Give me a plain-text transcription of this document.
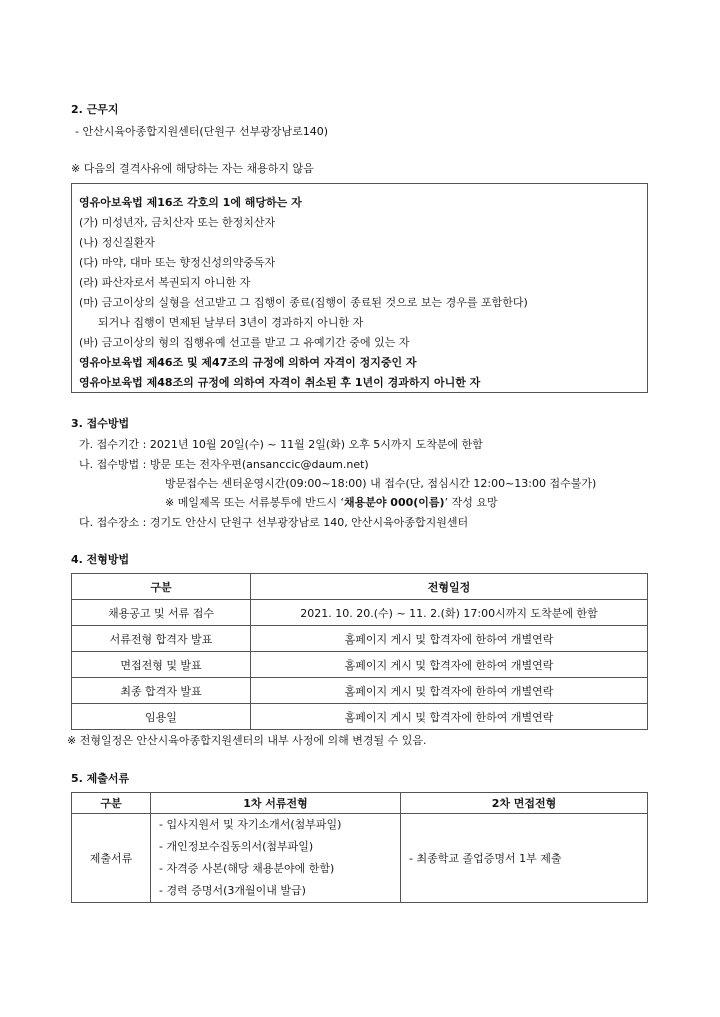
2. 근무지
- 안산시육아종합지원센터(단원구 선부광장남로140)
※ 다음의 결격사유에 해당하는 자는 채용하지 않음
영유아보육법 제16조 각호의 1에 해당하는 자
(가) 미성년자, 금치산자 또는 한정치산자
(나) 정신질환자
(다) 마약, 대마 또는 향정신성의약중독자
(라) 파산자로서 복권되지 아니한 자
(마) 금고이상의 실형을 선고받고 그 집행이 종료(집행이 종료된 것으로 보는 경우를 포함한다)
되거나 집행이 면제된 날부터 3년이 경과하지 아니한 자
(바) 금고이상의 형의 집행유예 선고를 받고 그 유예기간 중에 있는 자
영유아보육법 제46조 및 제47조의 규정에 의하여 자격이 정지중인 자
영유아보육법 제48조의 규정에 의하여 자격이 취소된 후 1년이 경과하지 아니한 자
3. 접수방법
가. 접수기간 : 2021년 10월 20일(수) ~ 11월 2일(화) 오후 5시까지 도착분에 한함
나. 접수방법 : 방문 또는 전자우편(ansanccic@daum.net)
방문접수는 센터운영시간(09:00~18:00) 내 접수(단, 점심시간 12:00~13:00 접수불가)
※ 메일제목 또는 서류봉투에 반드시 ‘채용분야 000(이름)’ 작성 요망
다. 접수장소 : 경기도 안산시 단원구 선부광장남로 140, 안산시육아종합지원센터
4. 전형방법
구분	전형일정
채용공고 및 서류 접수	2021. 10. 20.(수) ~ 11. 2.(화) 17:00시까지 도착분에 한함
서류전형 합격자 발표	홈페이지 게시 및 합격자에 한하여 개별연락
면접전형 및 발표	홈페이지 게시 및 합격자에 한하여 개별연락
최종 합격자 발표	홈페이지 게시 및 합격자에 한하여 개별연락
임용일	홈페이지 게시 및 합격자에 한하여 개별연락
※ 전형일정은 안산시육아종합지원센터의 내부 사정에 의해 변경될 수 있음.
5. 제출서류
구분	1차 서류전형	2차 면접전형
제출서류	- 입사지원서 및 자기소개서(첨부파일)
- 개인정보수집동의서(첨부파일)
- 자격증 사본(해당 채용분야에 한함)
- 경력 증명서(3개월이내 발급)	- 최종학교 졸업증명서 1부 제출
